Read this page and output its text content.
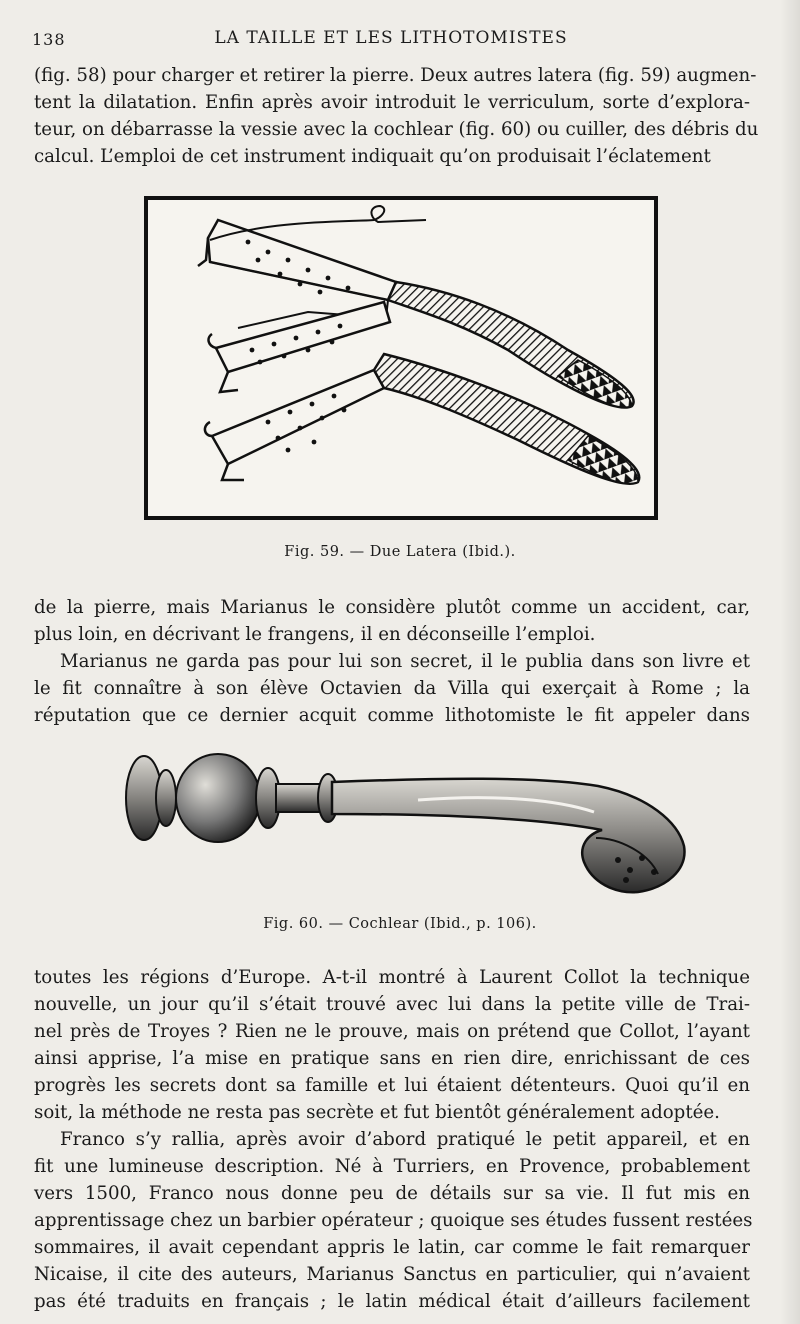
138	LA TAILLE ET LES LITHOTOMISTES
(fig. 58) pour charger et retirer la pierre. Deux autres latera (fig. 59) augmen-
tent la dilatation. Enfin après avoir introduit le verriculum, sorte d’explora-
teur, on débarrasse la vessie avec la cochlear (fig. 60) ou cuiller, des débris du
calcul. L’emploi de cet instrument indiquait qu’on produisait l’éclatement
Fig. 59. — Due Latera (Ibid.).
de la pierre, mais Marianus le considère plutôt comme un accident, car,
plus loin, en décrivant le frangens, il en déconseille l’emploi.
Marianus ne garda pas pour lui son secret, il le publia dans son livre et
le fit connaître à son élève Octavien da Villa qui exerçait à Rome ; la
réputation que ce dernier acquit comme lithotomiste le fit appeler dans
Fig. 60. — Cochlear (Ibid., p. 106).
toutes les régions d’Europe. A-t-il montré à Laurent Collot la technique
nouvelle, un jour qu’il s’était trouvé avec lui dans la petite ville de Trai-
nel près de Troyes ? Rien ne le prouve, mais on prétend que Collot, l’ayant
ainsi apprise, l’a mise en pratique sans en rien dire, enrichissant de ces
progrès les secrets dont sa famille et lui étaient détenteurs. Quoi qu’il en
soit, la méthode ne resta pas secrète et fut bientôt généralement adoptée.
Franco s’y rallia, après avoir d’abord pratiqué le petit appareil, et en
fit une lumineuse description. Né à Turriers, en Provence, probablement
vers 1500, Franco nous donne peu de détails sur sa vie. Il fut mis en
apprentissage chez un barbier opérateur ; quoique ses études fussent restées
sommaires, il avait cependant appris le latin, car comme le fait remarquer
Nicaise, il cite des auteurs, Marianus Sanctus en particulier, qui n’avaient
pas été traduits en français ; le latin médical était d’ailleurs facilement
